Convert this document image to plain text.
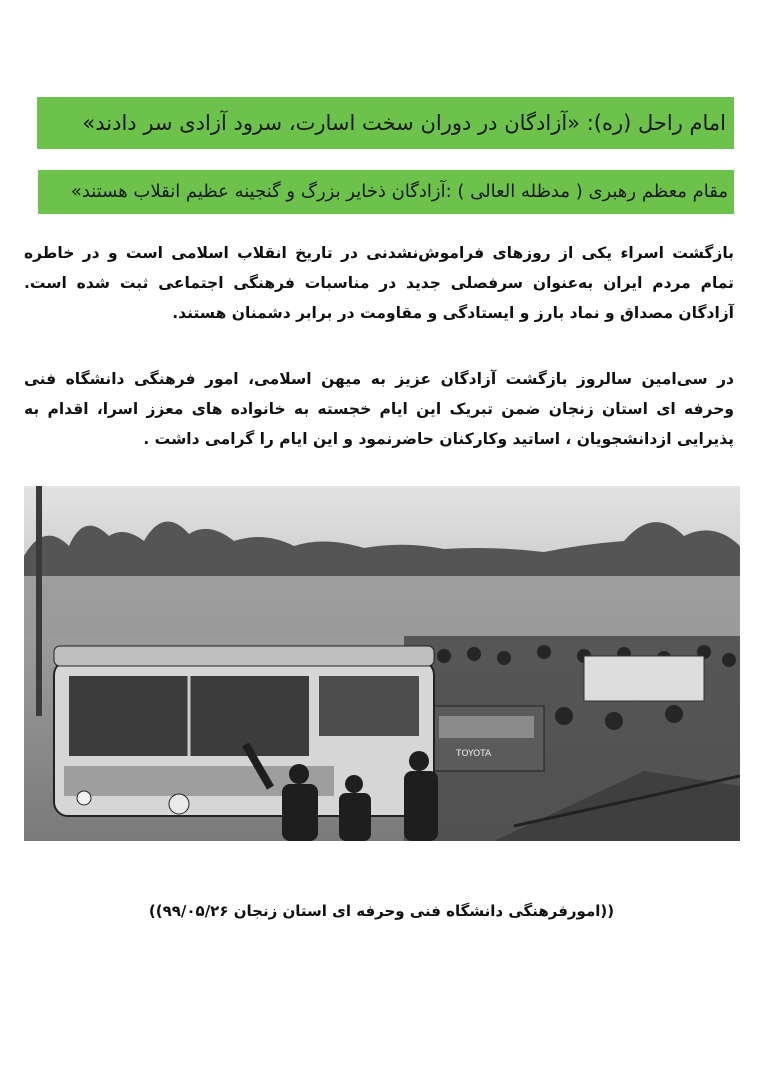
امام راحل (ره): «آزادگان در دوران سخت اسارت، سرود آزادی سر دادند»
مقام معظم رهبری ( مدظله العالی ) :آزادگان ذخایر بزرگ و گنجینه عظیم انقلاب هستند»

بازگشت اسراء یکی از روزهای فراموش‌نشدنی در تاریخ انقلاب اسلامی است و در خاطره تمام مردم ایران به‌عنوان سرفصلی جدید در مناسبات فرهنگی اجتماعی ثبت شده است. آزادگان مصداق و نماد بارز و ایستادگی و مقاومت در برابر دشمنان هستند.

در سی‌امین سالروز بازگشت آزادگان عزیز به میهن اسلامی، امور فرهنگی دانشگاه فنی وحرفه ای استان زنجان ضمن تبریک این ایام خجسته به خانواده های معزز اسرا، اقدام به پذیرایی ازدانشجویان ، اساتید وکارکنان حاضرنمود و این ایام را گرامی داشت .

TOYOTA

((امورفرهنگی دانشگاه فنی وحرفه ای استان زنجان ۹۹/۰۵/۲۶))
